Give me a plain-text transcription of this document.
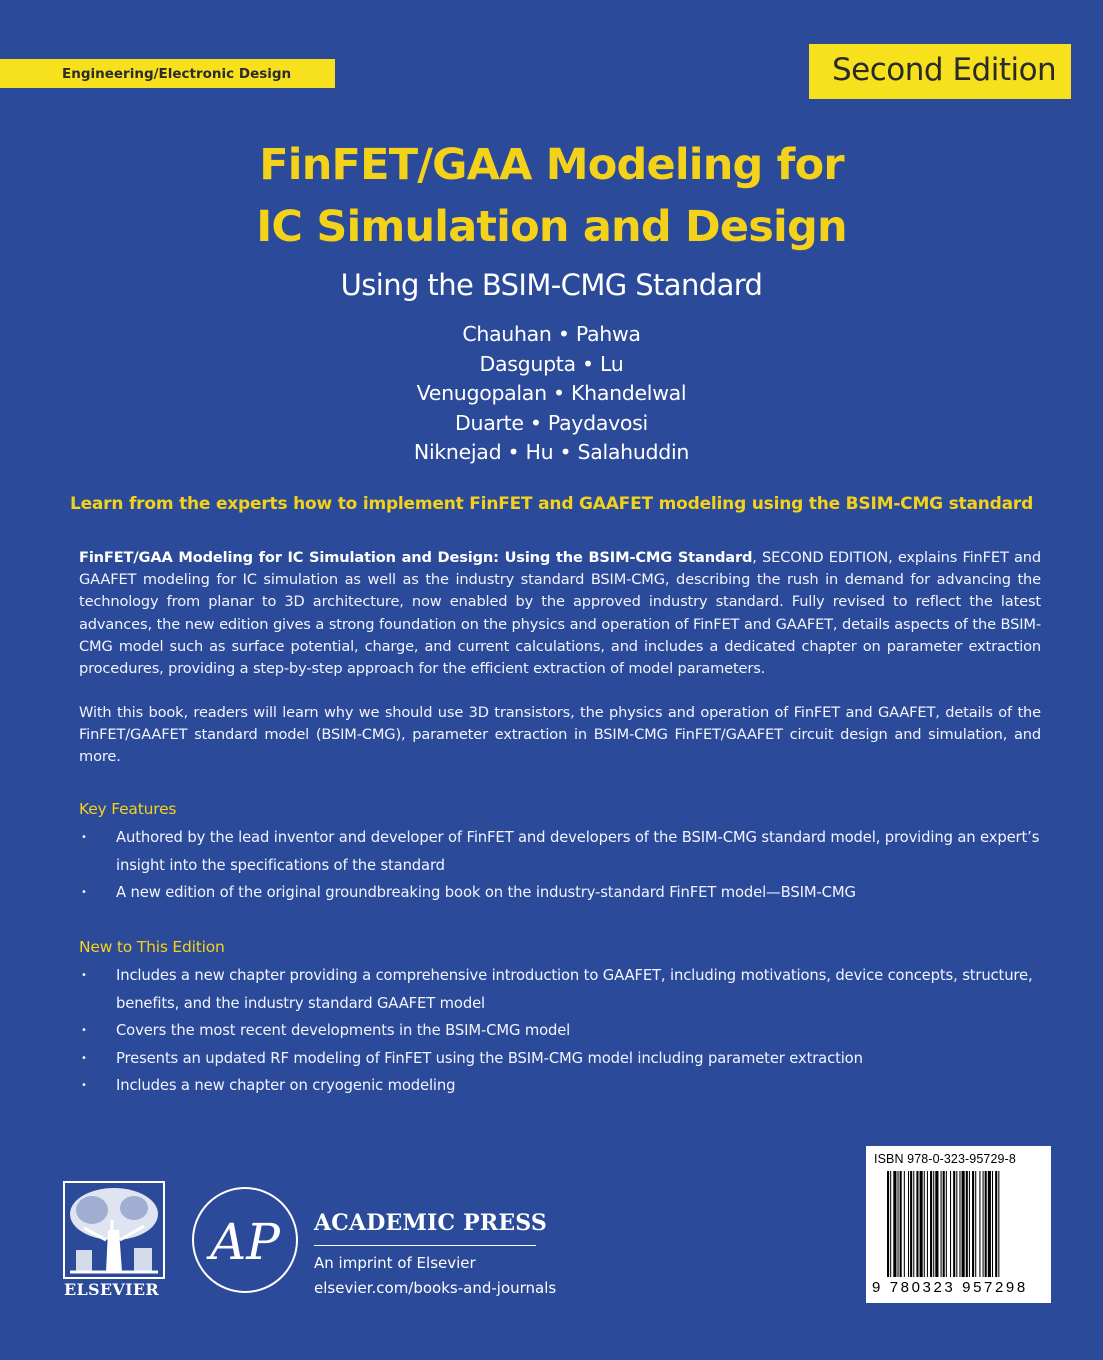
Engineering/Electronic Design	Second Edition
FinFET/GAA Modeling for
IC Simulation and Design
Using the BSIM-CMG Standard
Chauhan • Pahwa
Dasgupta • Lu
Venugopalan • Khandelwal
Duarte • Paydavosi
Niknejad • Hu • Salahuddin
Learn from the experts how to implement FinFET and GAAFET modeling using the BSIM-CMG standard

FinFET/GAA Modeling for IC Simulation and Design: Using the BSIM-CMG Standard, SECOND EDITION, explains FinFET and GAAFET modeling for IC simulation as well as the industry standard BSIM-CMG, describing the rush in demand for advancing the technology from planar to 3D architecture, now enabled by the approved industry standard. Fully revised to reflect the latest advances, the new edition gives a strong foundation on the physics and operation of FinFET and GAAFET, details aspects of the BSIM-CMG model such as surface potential, charge, and current calculations, and includes a dedicated chapter on parameter extraction procedures, providing a step-by-step approach for the efficient extraction of model parameters.

With this book, readers will learn why we should use 3D transistors, the physics and operation of FinFET and GAAFET, details of the FinFET/GAAFET standard model (BSIM-CMG), parameter extraction in BSIM-CMG FinFET/GAAFET circuit design and simulation, and more.

Key Features
• Authored by the lead inventor and developer of FinFET and developers of the BSIM-CMG standard model, providing an expert’s insight into the specifications of the standard
• A new edition of the original groundbreaking book on the industry-standard FinFET model—BSIM-CMG
New to This Edition
• Includes a new chapter providing a comprehensive introduction to GAAFET, including motivations, device concepts, structure, benefits, and the industry standard GAAFET model
• Covers the most recent developments in the BSIM-CMG model
• Presents an updated RF modeling of FinFET using the BSIM-CMG model including parameter extraction
• Includes a new chapter on cryogenic modeling
ELSEVIER
AP ACADEMIC PRESS
An imprint of Elsevier
elsevier.com/books-and-journals
ISBN 978-0-323-95729-8
9 780323 957298
